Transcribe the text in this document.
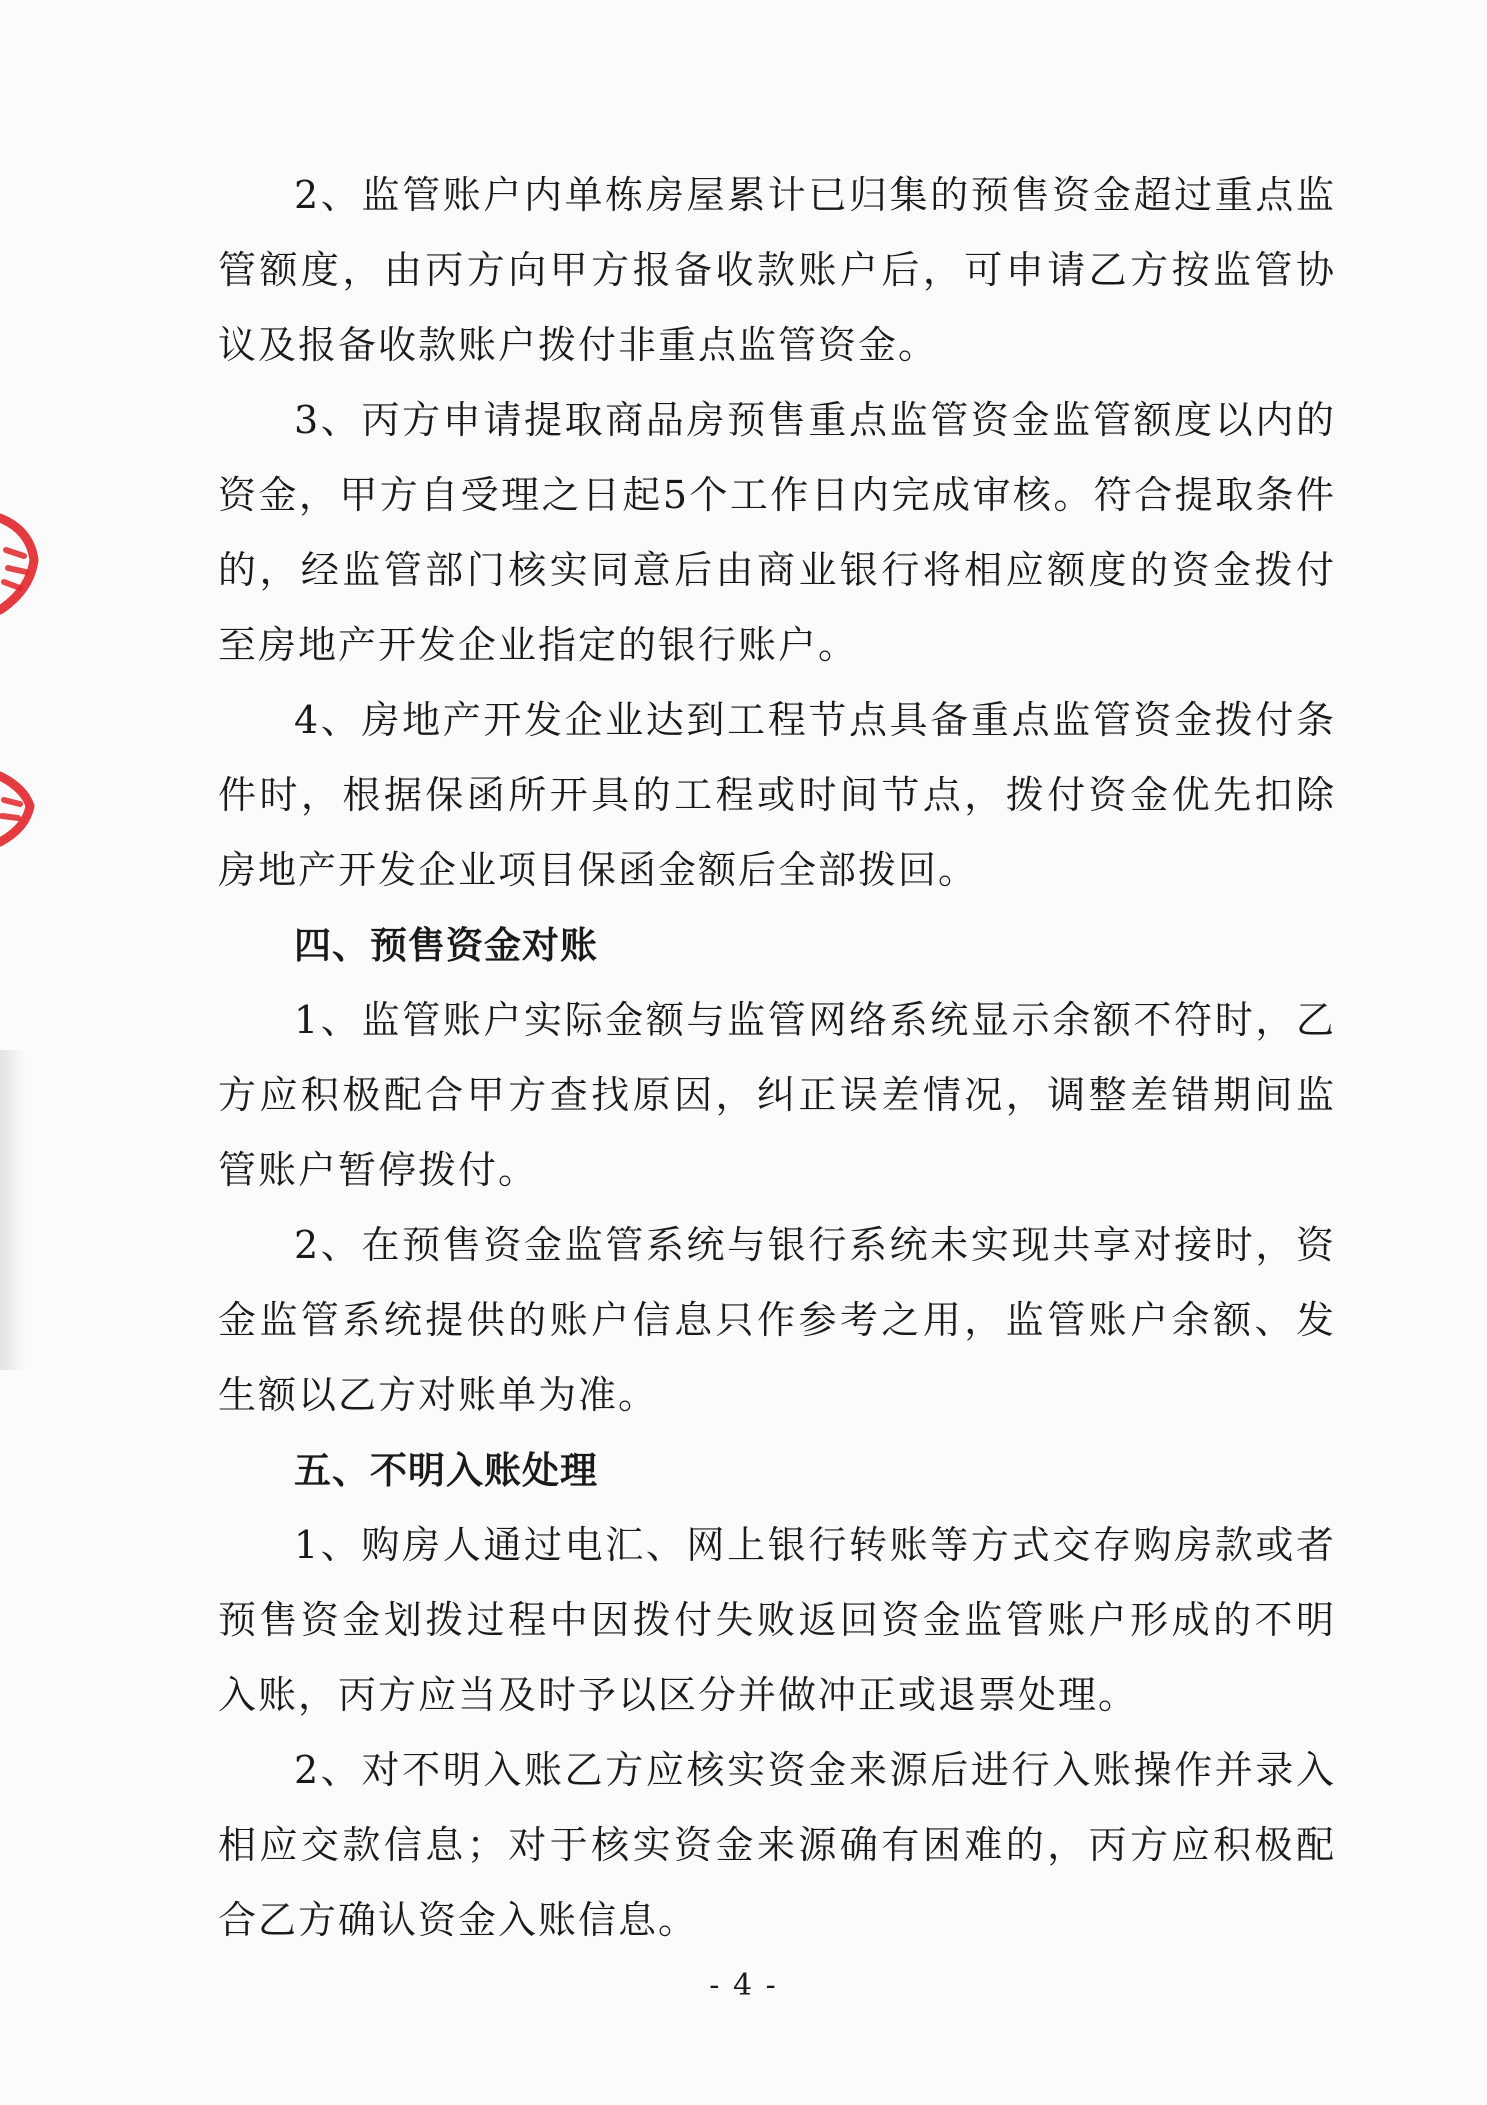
2、监管账户内单栋房屋累计已归集的预售资金超过重点监管额度，由丙方向甲方报备收款账户后，可申请乙方按监管协议及报备收款账户拨付非重点监管资金。

3、丙方申请提取商品房预售重点监管资金监管额度以内的资金，甲方自受理之日起5个工作日内完成审核。符合提取条件的，经监管部门核实同意后由商业银行将相应额度的资金拨付至房地产开发企业指定的银行账户。

4、房地产开发企业达到工程节点具备重点监管资金拨付条件时，根据保函所开具的工程或时间节点，拨付资金优先扣除房地产开发企业项目保函金额后全部拨回。

四、预售资金对账

1、监管账户实际金额与监管网络系统显示余额不符时，乙方应积极配合甲方查找原因，纠正误差情况，调整差错期间监管账户暂停拨付。

2、在预售资金监管系统与银行系统未实现共享对接时，资金监管系统提供的账户信息只作参考之用，监管账户余额、发生额以乙方对账单为准。

五、不明入账处理

1、购房人通过电汇、网上银行转账等方式交存购房款或者预售资金划拨过程中因拨付失败返回资金监管账户形成的不明入账，丙方应当及时予以区分并做冲正或退票处理。

2、对不明入账乙方应核实资金来源后进行入账操作并录入相应交款信息；对于核实资金来源确有困难的，丙方应积极配合乙方确认资金入账信息。

- 4 -
